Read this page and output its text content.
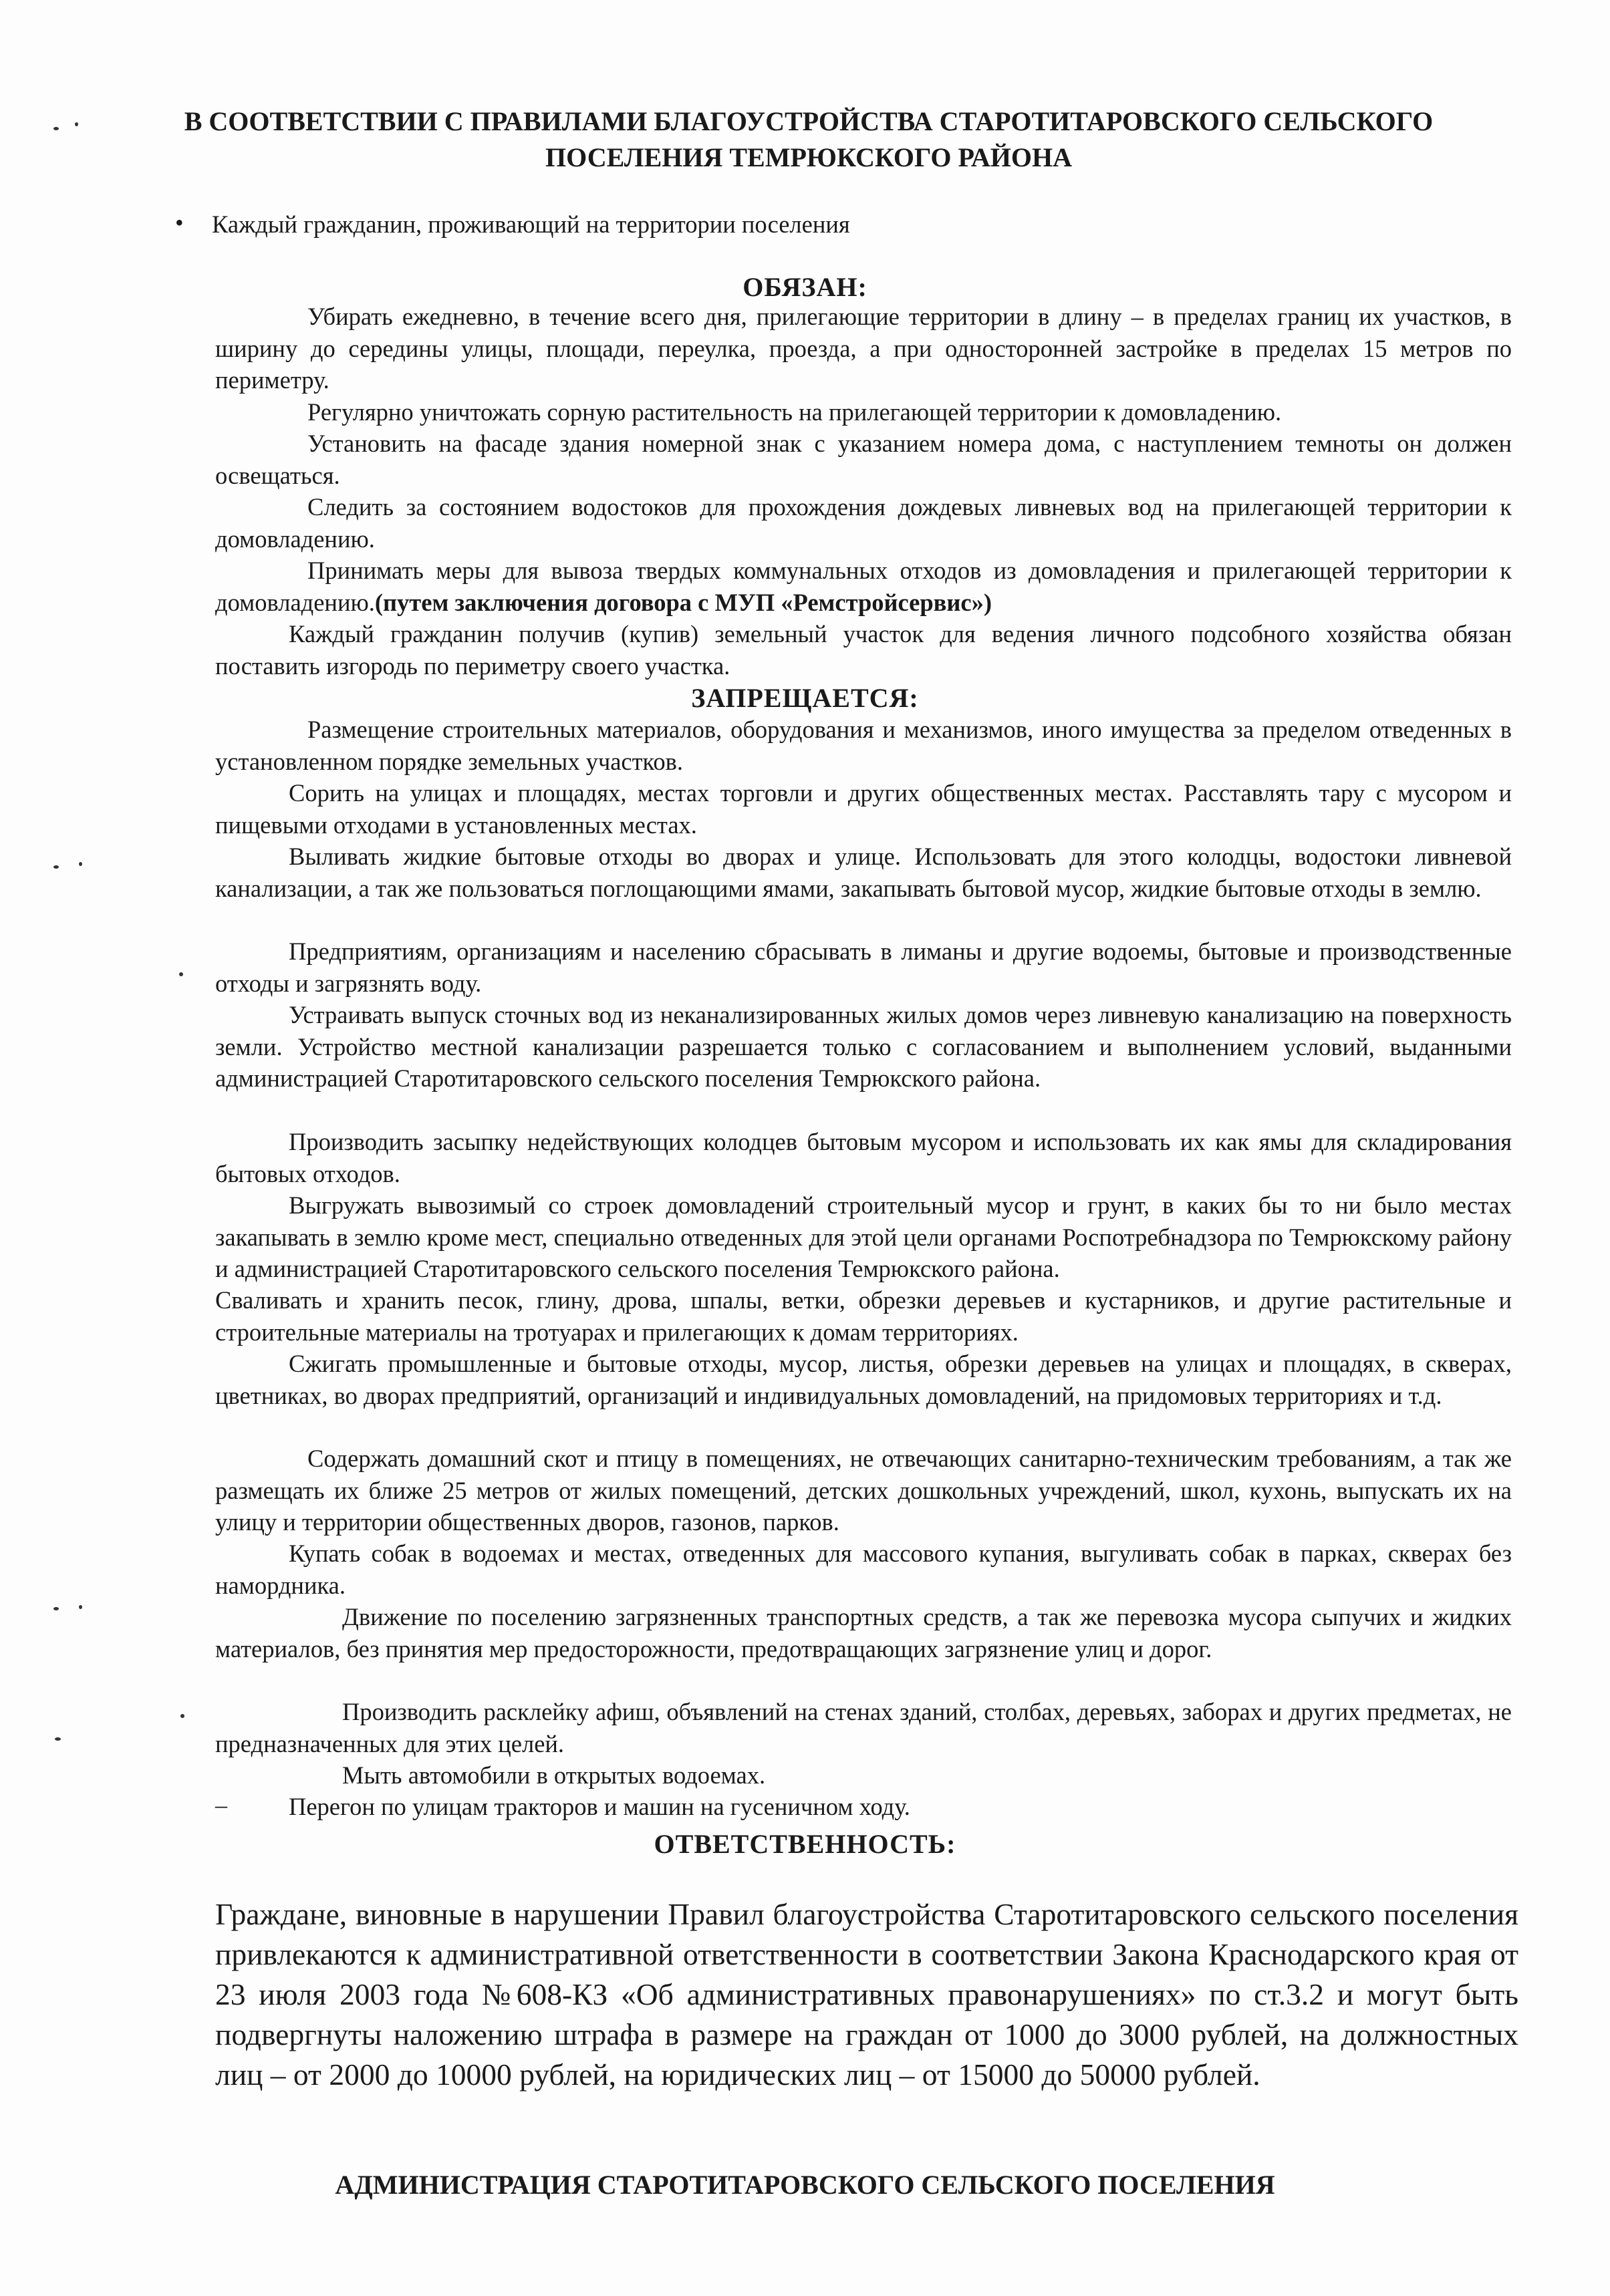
В СООТВЕТСТВИИ С ПРАВИЛАМИ БЛАГОУСТРОЙСТВА СТАРОТИТАРОВСКОГО СЕЛЬСКОГО ПОСЕЛЕНИЯ ТЕМРЮКСКОГО РАЙОНА
• Каждый гражданин, проживающий на территории поселения
ОБЯЗАН:
Убирать ежедневно, в течение всего дня, прилегающие территории в длину – в пределах границ их участков, в ширину до середины улицы, площади, переулка, проезда, а при односторонней застройке в пределах 15 метров по периметру.
Регулярно уничтожать сорную растительность на прилегающей территории к домовладению.
Установить на фасаде здания номерной знак с указанием номера дома, с наступлением темноты он должен освещаться.
Следить за состоянием водостоков для прохождения дождевых ливневых вод на прилегающей территории к домовладению.
Принимать меры для вывоза твердых коммунальных отходов из домовладения и прилегающей территории к домовладению.(путем заключения договора с МУП «Ремстройсервис»)
Каждый гражданин получив (купив) земельный участок для ведения личного подсобного хозяйства обязан поставить изгородь по периметру своего участка.
ЗАПРЕЩАЕТСЯ:
Размещение строительных материалов, оборудования и механизмов, иного имущества за пределом отведенных в установленном порядке земельных участков.
Сорить на улицах и площадях, местах торговли и других общественных местах. Расставлять тару с мусором и пищевыми отходами в установленных местах.
Выливать жидкие бытовые отходы во дворах и улице. Использовать для этого колодцы, водостоки ливневой канализации, а так же пользоваться поглощающими ямами, закапывать бытовой мусор, жидкие бытовые отходы в землю.
Предприятиям, организациям и населению сбрасывать в лиманы и другие водоемы, бытовые и производственные отходы и загрязнять воду.
Устраивать выпуск сточных вод из неканализированных жилых домов через ливневую канализацию на поверхность земли. Устройство местной канализации разрешается только с согласованием и выполнением условий, выданными администрацией Старотитаровского сельского поселения Темрюкского района.
Производить засыпку недействующих колодцев бытовым мусором и использовать их как ямы для складирования бытовых отходов.
Выгружать вывозимый со строек домовладений строительный мусор и грунт, в каких бы то ни было местах закапывать в землю кроме мест, специально отведенных для этой цели органами Роспотребнадзора по Темрюкскому району и администрацией Старотитаровского сельского поселения Темрюкского района.
Сваливать и хранить песок, глину, дрова, шпалы, ветки, обрезки деревьев и кустарников, и другие растительные и строительные материалы на тротуарах и прилегающих к домам территориях.
Сжигать промышленные и бытовые отходы, мусор, листья, обрезки деревьев на улицах и площадях, в скверах, цветниках, во дворах предприятий, организаций и индивидуальных домовладений, на придомовых территориях и т.д.
Содержать домашний скот и птицу в помещениях, не отвечающих санитарно-техническим требованиям, а так же размещать их ближе 25 метров от жилых помещений, детских дошкольных учреждений, школ, кухонь, выпускать их на улицу и территории общественных дворов, газонов, парков.
Купать собак в водоемах и местах, отведенных для массового купания, выгуливать собак в парках, скверах без намордника.
Движение по поселению загрязненных транспортных средств, а так же перевозка мусора сыпучих и жидких материалов, без принятия мер предосторожности, предотвращающих загрязнение улиц и дорог.
Производить расклейку афиш, объявлений на стенах зданий, столбах, деревьях, заборах и других предметах, не предназначенных для этих целей.
Мыть автомобили в открытых водоемах.
–	Перегон по улицам тракторов и машин на гусеничном ходу.
ОТВЕТСТВЕННОСТЬ:
Граждане, виновные в нарушении Правил благоустройства Старотитаровского сельского поселения привлекаются к административной ответственности в соответствии Закона Краснодарского края от 23 июля 2003 года №608-КЗ «Об административных правонарушениях» по ст.3.2 и могут быть подвергнуты наложению штрафа в размере на граждан от 1000 до 3000 рублей, на должностных лиц – от 2000 до 10000 рублей, на юридических лиц – от 15000 до 50000 рублей.
АДМИНИСТРАЦИЯ СТАРОТИТАРОВСКОГО СЕЛЬСКОГО ПОСЕЛЕНИЯ
